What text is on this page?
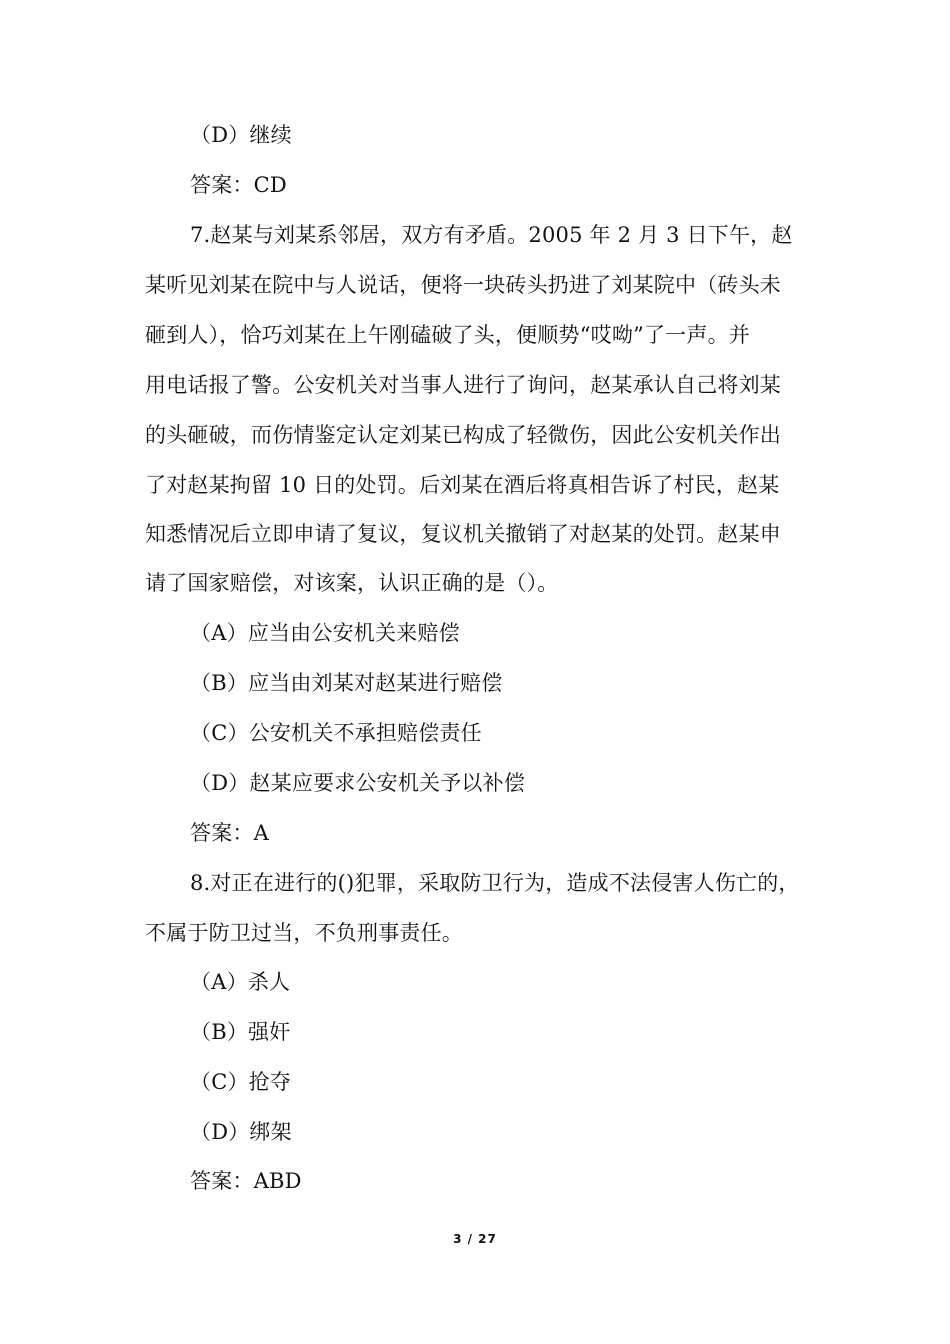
（D）继续
答案：CD
7.赵某与刘某系邻居，双方有矛盾。2005 年 2 月 3 日下午，赵
某听见刘某在院中与人说话，便将一块砖头扔进了刘某院中（砖头未
砸到人），恰巧刘某在上午刚磕破了头，便顺势“哎呦”了一声。并
用电话报了警。公安机关对当事人进行了询问，赵某承认自己将刘某
的头砸破，而伤情鉴定认定刘某已构成了轻微伤，因此公安机关作出
了对赵某拘留 10 日的处罚。后刘某在酒后将真相告诉了村民，赵某
知悉情况后立即申请了复议，复议机关撤销了对赵某的处罚。赵某申
请了国家赔偿，对该案，认识正确的是（）。
（A）应当由公安机关来赔偿
（B）应当由刘某对赵某进行赔偿
（C）公安机关不承担赔偿责任
（D）赵某应要求公安机关予以补偿
答案：A
8.对正在进行的()犯罪，采取防卫行为，造成不法侵害人伤亡的，
不属于防卫过当，不负刑事责任。
（A）杀人
（B）强奸
（C）抢夺
（D）绑架
答案：ABD
3 / 27
